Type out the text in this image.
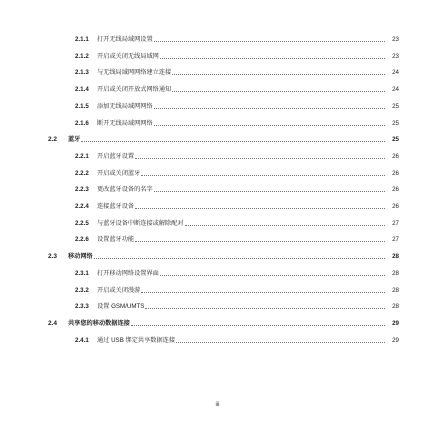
2.1.1 打开无线局域网设置	23
2.1.2 开启或关闭无线局域网	23
2.1.3 与无线局域网网络建立连接	24
2.1.4 开启或关闭开放式网络通知	24
2.1.5 添加无线局域网网络	25
2.1.6 断开无线局域网网络	25
2.2 蓝牙	25
2.2.1 开启蓝牙设置	26
2.2.2 开启或关闭蓝牙	26
2.2.3 更改蓝牙设备的名字	26
2.2.4 连接蓝牙设备	26
2.2.5 与蓝牙设备中断连接或解除配对	27
2.2.6 设置蓝牙功能	27
2.3 移动网络	28
2.3.1 打开移动网络设置界面	28
2.3.2 开启或关闭漫游	28
2.3.3 设置 GSM/UMTS	28
2.4 共享您的移动数据连接	29
2.4.1 通过 USB 绑定共享数据连接	29
iii
